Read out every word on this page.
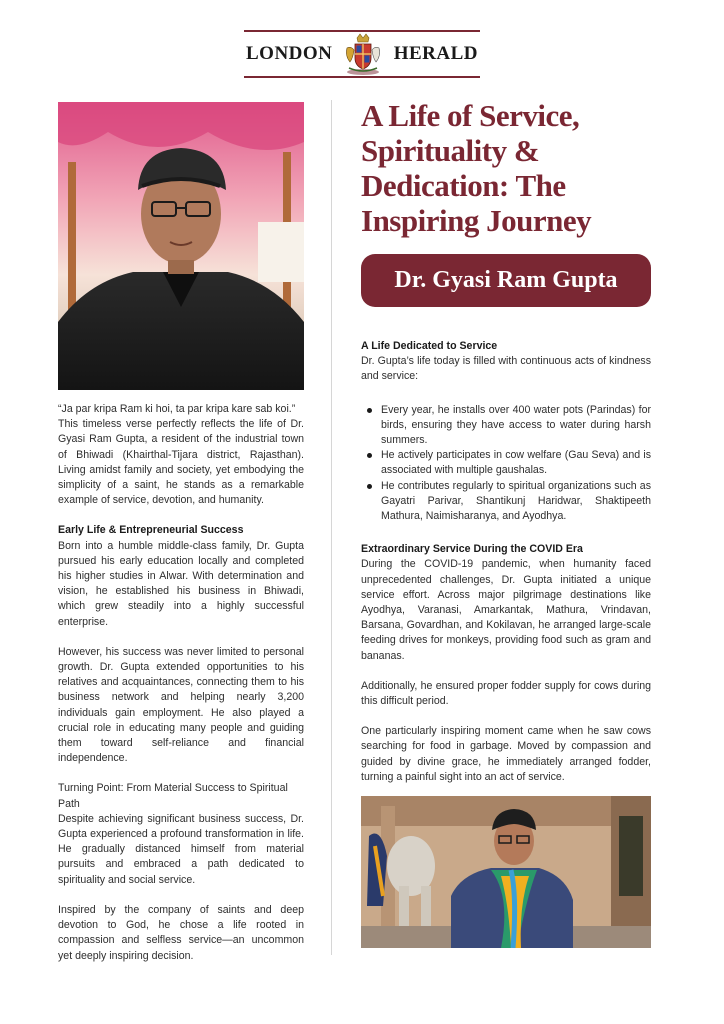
LONDON	HERALD
A Life of Service, Spirituality & Dedication: The Inspiring Journey
Dr. Gyasi Ram Gupta

“Ja par kripa Ram ki hoi, ta par kripa kare sab koi.”

This timeless verse perfectly reflects the life of Dr. Gyasi Ram Gupta, a resident of the industrial town of Bhiwadi (Khairthal-Tijara district, Rajasthan). Living amidst family and society, yet embodying the simplicity of a saint, he stands as a remarkable example of service, devotion, and humanity.

Early Life & Entrepreneurial Success

Born into a humble middle-class family, Dr. Gupta pursued his early education locally and completed his higher studies in Alwar. With determination and vision, he established his business in Bhiwadi, which grew steadily into a highly successful enterprise.

However, his success was never limited to personal growth. Dr. Gupta extended opportunities to his relatives and acquaintances, connecting them to his business network and helping nearly 3,200 individuals gain employment. He also played a crucial role in educating many people and guiding them toward self-reliance and financial independence.

Turning Point: From Material Success to Spiritual Path

Despite achieving significant business success, Dr. Gupta experienced a profound transformation in life. He gradually distanced himself from material pursuits and embraced a path dedicated to spirituality and social service.

Inspired by the company of saints and deep devotion to God, he chose a life rooted in compassion and selfless service—an uncommon yet deeply inspiring decision.

A Life Dedicated to Service

Dr. Gupta’s life today is filled with continuous acts of kindness and service:

Every year, he installs over 400 water pots (Parindas) for birds, ensuring they have access to water during harsh summers.
He actively participates in cow welfare (Gau Seva) and is associated with multiple gaushalas.
He contributes regularly to spiritual organizations such as Gayatri Parivar, Shantikunj Haridwar, Shaktipeeth Mathura, Naimisharanya, and Ayodhya.

Extraordinary Service During the COVID Era

During the COVID-19 pandemic, when humanity faced unprecedented challenges, Dr. Gupta initiated a unique service effort. Across major pilgrimage destinations like Ayodhya, Varanasi, Amarkantak, Mathura, Vrindavan, Barsana, Govardhan, and Kokilavan, he arranged large-scale feeding drives for monkeys, providing food such as gram and bananas.

Additionally, he ensured proper fodder supply for cows during this difficult period.

One particularly inspiring moment came when he saw cows searching for food in garbage. Moved by compassion and guided by divine grace, he immediately arranged fodder, turning a painful sight into an act of service.
